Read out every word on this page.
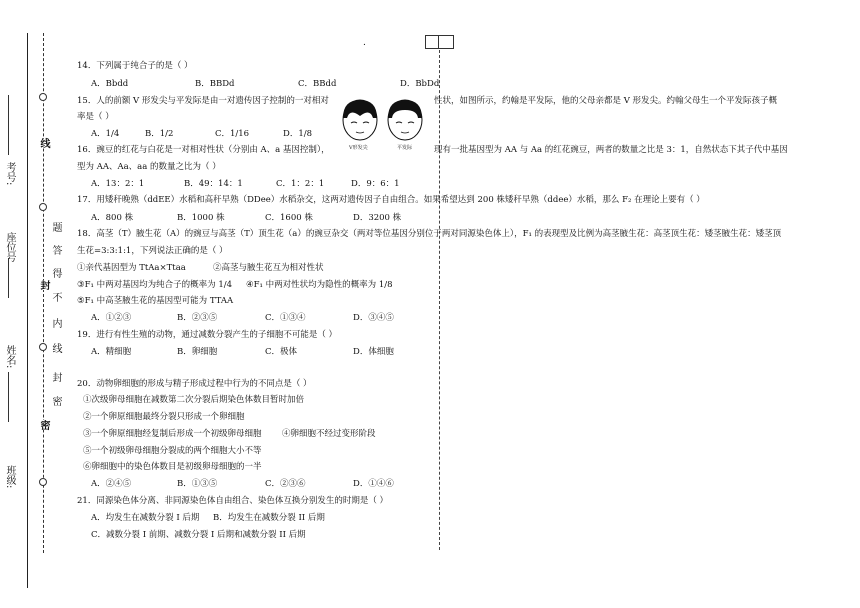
.
考号:
座位号
姓名:
班级:
线
题
答
得
不
内
线
封
封
密
密
14．下列属于纯合子的是（ ）
A．Bbdd	B．BBDd	C．BBdd	D．BbDd
15．人的前额 V 形发尖与平发际是由一对遗传因子控制的一对相对	性状，如图所示，约翰是平发际，他的父母亲都是 V 形发尖。约翰父母生一个平发际孩子概
率是（ ）
A．1/4	B．1/2	C．1/16	D．1/8
V形发尖	平发际
16．豌豆的红花与白花是一对相对性状（分别由 A、a 基因控制），	现有一批基因型为 AA 与 Aa 的红花豌豆，两者的数量之比是 3：1，自然状态下其子代中基因
型为 AA、Aa、aa 的数量之比为（ ）
A．13：2：1	B．49：14：1	C．1：2：1	D．9：6：1
17．用矮秆晚熟（ddEE）水稻和高秆早熟（DDee）水稻杂交，这两对遗传因子自由组合。如果希望达到 200 株矮秆早熟（ddee）水稻，那么 F₂ 在理论上要有（ ）
A．800 株	B．1000 株	C．1600 株	D．3200 株
18．高茎（T）腋生花（A）的豌豆与高茎（T）顶生花（a）的豌豆杂交（两对等位基因分别位于两对同源染色体上），F₁ 的表现型及比例为高茎腋生花：高茎顶生花：矮茎腋生花：矮茎顶
生花=3:3:1:1，下列说法正确的是（ ）
①亲代基因型为 TtAa×Ttaa	②高茎与腋生花互为相对性状
③F₁ 中两对基因均为纯合子的概率为 1/4 ④F₁ 中两对性状均为隐性的概率为 1/8
⑤F₁ 中高茎腋生花的基因型可能为 TTAA
A．①②③	B．②③⑤	C．①③④	D．③④⑤
19．进行有性生殖的动物，通过减数分裂产生的子细胞不可能是（ ）
A．精细胞	B．卵细胞	C．极体	D．体细胞
20．动物卵细胞的形成与精子形成过程中行为的不同点是（ ）
①次级卵母细胞在减数第二次分裂后期染色体数目暂时加倍
②一个卵原细胞最终分裂只形成一个卵细胞
③一个卵原细胞经复制后形成一个初级卵母细胞 ④卵细胞不经过变形阶段
⑤一个初级卵母细胞分裂成的两个细胞大小不等
⑥卵细胞中的染色体数目是初级卵母细胞的一半
A．②④⑤	B．①③⑤	C．②③⑥	D．①④⑥
21．同源染色体分离、非同源染色体自由组合、染色体互换分别发生的时期是（ ）
A．均发生在减数分裂 I 后期 B．均发生在减数分裂 II 后期
C．减数分裂 I 前期、减数分裂 I 后期和减数分裂 II 后期
